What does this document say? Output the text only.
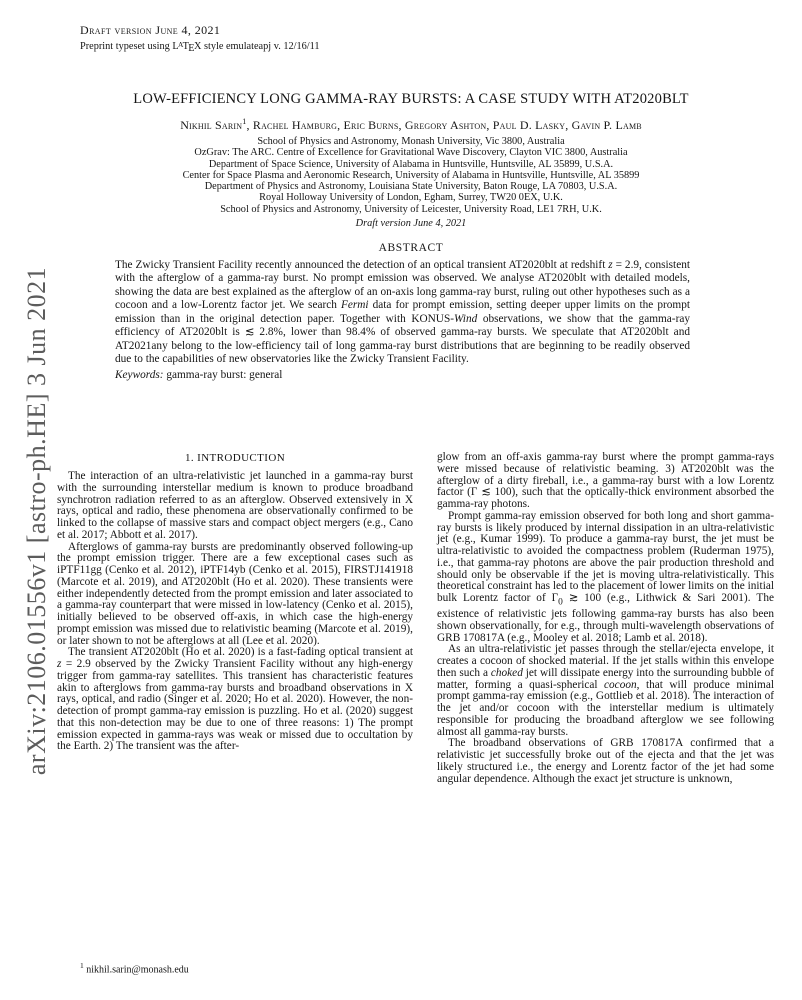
arXiv:2106.01556v1 [astro-ph.HE] 3 Jun 2021
Draft version June 4, 2021
Preprint typeset using $L^ATEX$ style emulateapj v. 12/16/11
LOW-EFFICIENCY LONG GAMMA-RAY BURSTS: A CASE STUDY WITH AT2020BLT
Nikhil Sarin$^1$, Rachel Hamburg, Eric Burns, Gregory Ashton, Paul D. Lasky, Gavin P. Lamb
School of Physics and Astronomy, Monash University, Vic 3800, Australia
OzGrav: The ARC. Centre of Excellence for Gravitational Wave Discovery, Clayton VIC 3800, Australia
Department of Space Science, University of Alabama in Huntsville, Huntsville, AL 35899, U.S.A.
Center for Space Plasma and Aeronomic Research, University of Alabama in Huntsville, Huntsville, AL 35899
Department of Physics and Astronomy, Louisiana State University, Baton Rouge, LA 70803, U.S.A.
Royal Holloway University of London, Egham, Surrey, TW20 0EX, U.K.
School of Physics and Astronomy, University of Leicester, University Road, LE1 7RH, U.K.
Draft version June 4, 2021
ABSTRACT

The Zwicky Transient Facility recently announced the detection of an optical transient AT2020blt at redshift z = 2.9, consistent with the afterglow of a gamma-ray burst. No prompt emission was observed. We analyse AT2020blt with detailed models, showing the data are best explained as the afterglow of an on-axis long gamma-ray burst, ruling out other hypotheses such as a cocoon and a low-Lorentz factor jet. We search Fermi data for prompt emission, setting deeper upper limits on the prompt emission than in the original detection paper. Together with KONUS-Wind observations, we show that the gamma-ray efficiency of AT2020blt is ≲ 2.8%, lower than 98.4% of observed gamma-ray bursts. We speculate that AT2020blt and AT2021any belong to the low-efficiency tail of long gamma-ray burst distributions that are beginning to be readily observed due to the capabilities of new observatories like the Zwicky Transient Facility.

Keywords: gamma-ray burst: general
1. INTRODUCTION

The interaction of an ultra-relativistic jet launched in a gamma-ray burst with the surrounding interstellar medium is known to produce broadband synchrotron radiation referred to as an afterglow. Observed extensively in X rays, optical and radio, these phenomena are observationally confirmed to be linked to the collapse of massive stars and compact object mergers (e.g., Cano et al. 2017; Abbott et al. 2017).

Afterglows of gamma-ray bursts are predominantly observed following-up the prompt emission trigger. There are a few exceptional cases such as iPTF11gg (Cenko et al. 2012), iPTF14yb (Cenko et al. 2015), FIRSTJ141918 (Marcote et al. 2019), and AT2020blt (Ho et al. 2020). These transients were either independently detected from the prompt emission and later associated to a gamma-ray counterpart that were missed in low-latency (Cenko et al. 2015), initially believed to be observed off-axis, in which case the high-energy prompt emission was missed due to relativistic beaming (Marcote et al. 2019), or later shown to not be afterglows at all (Lee et al. 2020).

The transient AT2020blt (Ho et al. 2020) is a fast-fading optical transient at z = 2.9 observed by the Zwicky Transient Facility without any high-energy trigger from gamma-ray satellites. This transient has characteristic features akin to afterglows from gamma-ray bursts and broadband observations in X rays, optical, and radio (Singer et al. 2020; Ho et al. 2020). However, the non-detection of prompt gamma-ray emission is puzzling. Ho et al. (2020) suggest that this non-detection may be due to one of three reasons: 1) The prompt emission expected in gamma-rays was weak or missed due to occultation by the Earth. 2) The transient was the after-

glow from an off-axis gamma-ray burst where the prompt gamma-rays were missed because of relativistic beaming. 3) AT2020blt was the afterglow of a dirty fireball, i.e., a gamma-ray burst with a low Lorentz factor (Γ ≲ 100), such that the optically-thick environment absorbed the gamma-ray photons.

Prompt gamma-ray emission observed for both long and short gamma-ray bursts is likely produced by internal dissipation in an ultra-relativistic jet (e.g., Kumar 1999). To produce a gamma-ray burst, the jet must be ultra-relativistic to avoided the compactness problem (Ruderman 1975), i.e., that gamma-ray photons are above the pair production threshold and should only be observable if the jet is moving ultra-relativistically. This theoretical constraint has led to the placement of lower limits on the initial bulk Lorentz factor of $\Gamma_0$ ≳ 100 (e.g., Lithwick & Sari 2001). The existence of relativistic jets following gamma-ray bursts has also been shown observationally, for e.g., through multi-wavelength observations of GRB 170817A (e.g., Mooley et al. 2018; Lamb et al. 2018).

As an ultra-relativistic jet passes through the stellar/ejecta envelope, it creates a cocoon of shocked material. If the jet stalls within this envelope then such a choked jet will dissipate energy into the surrounding bubble of matter, forming a quasi-spherical cocoon, that will produce minimal prompt gamma-ray emission (e.g., Gottlieb et al. 2018). The interaction of the jet and/or cocoon with the interstellar medium is ultimately responsible for producing the broadband afterglow we see following almost all gamma-ray bursts.

The broadband observations of GRB 170817A confirmed that a relativistic jet successfully broke out of the ejecta and that the jet was likely structured i.e., the energy and Lorentz factor of the jet had some angular dependence. Although the exact jet structure is unknown,

$^1$ nikhil.sarin@monash.edu
